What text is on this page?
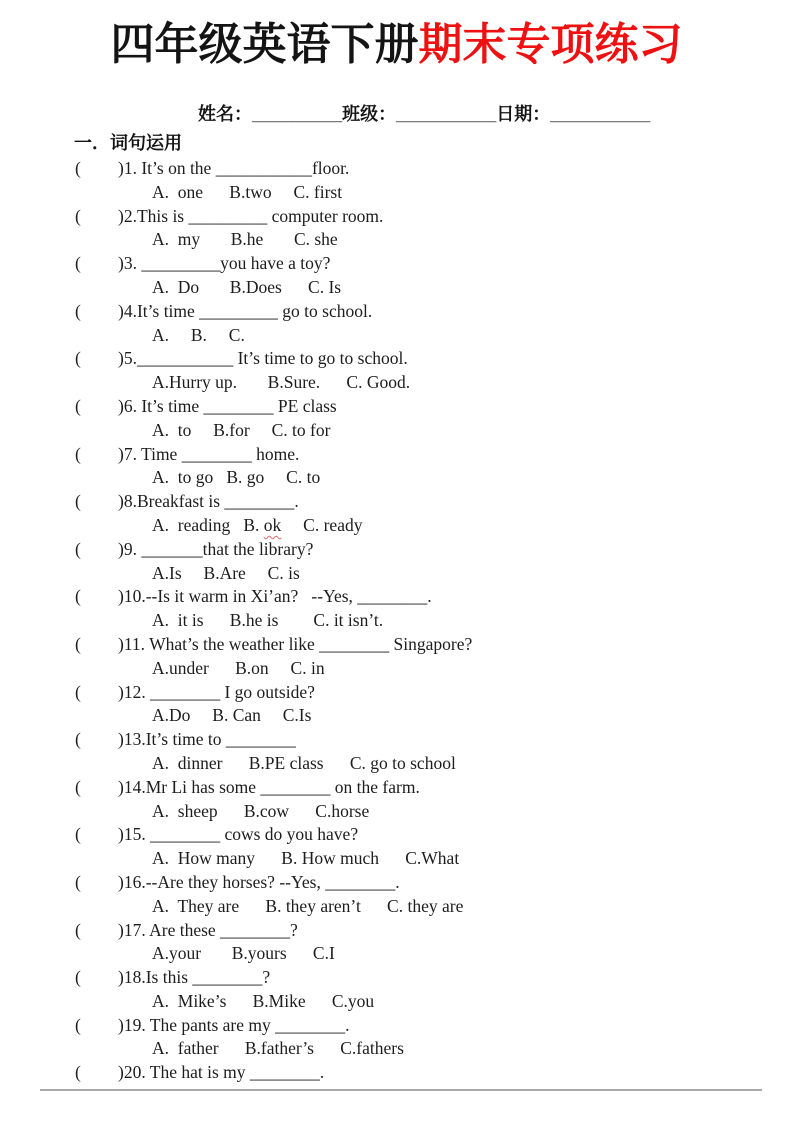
四年级英语下册期末专项练习
姓名：_________班级：__________日期：__________
一．词句运用
( )1. It’s on the ___________floor.
A.  one      B.two     C. first
( )2.This is _________ computer room.
A.  my       B.he       C. she
( )3. _________you have a toy?
A.  Do       B.Does      C. Is
( )4.It’s time _________ go to school.
A.     B.     C.
( )5.___________ It’s time to go to school.
A.Hurry up.       B.Sure.      C. Good.
( )6. It’s time ________ PE class
A.  to     B.for     C. to for
( )7. Time ________ home.
A.  to go   B. go     C. to
( )8.Breakfast is ________.
A.  reading   B. ok     C. ready
( )9. _______that the library?
A.Is     B.Are     C. is
( )10.--Is it warm in Xi’an?   --Yes, ________.
A.  it is      B.he is        C. it isn’t.
( )11. What’s the weather like ________ Singapore?
A.under      B.on     C. in
( )12. ________ I go outside?
A.Do     B. Can     C.Is
( )13.It’s time to ________
A.  dinner      B.PE class      C. go to school
( )14.Mr Li has some ________ on the farm.
A.  sheep      B.cow      C.horse
( )15. ________ cows do you have?
A.  How many      B. How much      C.What
( )16.--Are they horses? --Yes, ________.
A.  They are      B. they aren’t      C. they are
( )17. Are these ________?
A.your       B.yours      C.I
( )18.Is this ________?
A.  Mike’s      B.Mike      C.you
( )19. The pants are my ________.
A.  father      B.father’s      C.fathers
( )20. The hat is my ________.
